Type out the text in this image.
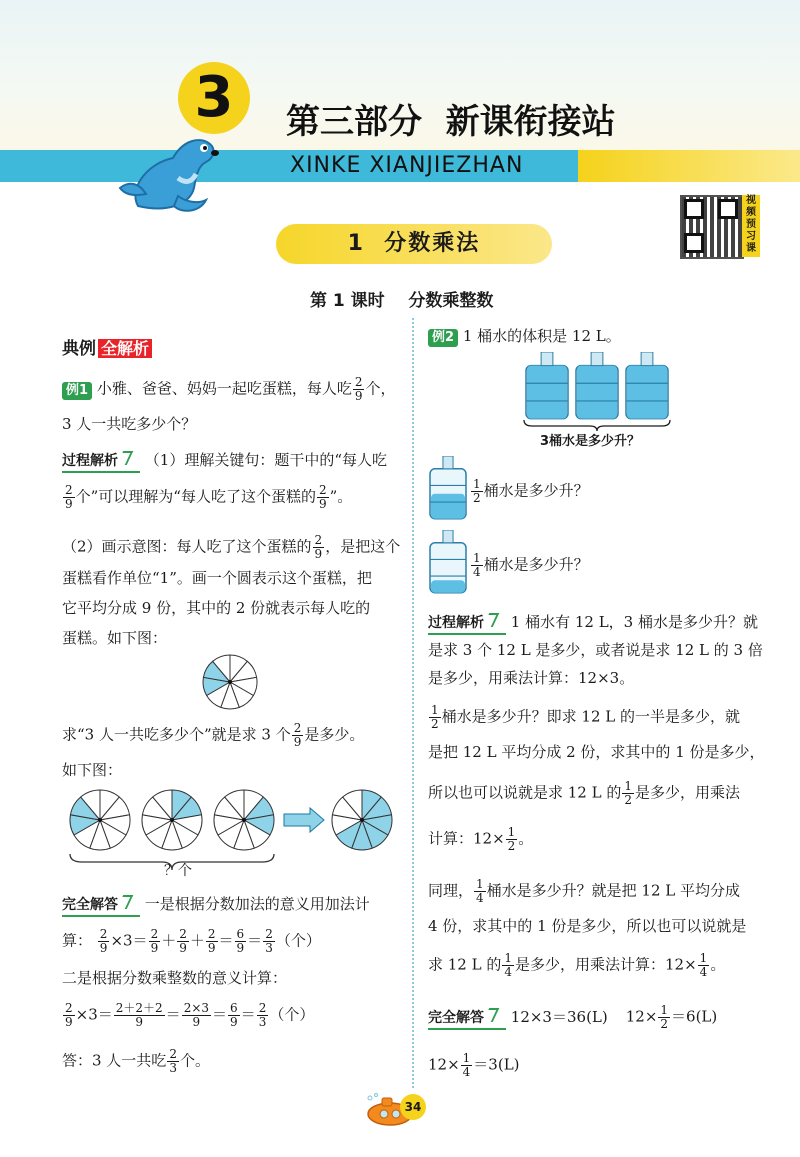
XINKE XIANJIEZHAN
3	第三部分  新课衔接站
视
频
预
习
课
1  分数乘法
第 1 课时    分数乘整数
典例 全解析
例1 小雅、爸爸、妈妈一起吃蛋糕，每人吃 $\frac{2}{9}$ 个，
3 人一共吃多少个？
过程解析 （1）理解关键句：题干中的“每人吃
$\frac{2}{9}$ 个”可以理解为“每人吃了这个蛋糕的 $\frac{2}{9}$ ”。
（2）画示意图：每人吃了这个蛋糕的 $\frac{2}{9}$ ，是把这个
蛋糕看作单位“1”。画一个圆表示这个蛋糕，把
它平均分成 9 份，其中的 2 份就表示每人吃的
蛋糕。如下图：
求“3 人一共吃多少个”就是求 3 个 $\frac{2}{9}$ 是多少。
如下图：
？个
完全解答 一是根据分数加法的意义用加法计
算： $\frac{2}{9} \times 3= \frac{2}{9} + \frac{2}{9} + \frac{2}{9} = \frac{6}{9} = \frac{2}{3}$ （个）
二是根据分数乘整数的意义计算：
$\frac{2}{9} \times 3= \frac{2+2+2}{9} = \frac{2\times 3}{9} = \frac{6}{9} = \frac{2}{3}$ （个）
答：3 人一共吃 $\frac{2}{3}$ 个。
例2 1 桶水的体积是 12 L。
3桶水是多少升？
$\frac{1}{2}$ 桶水是多少升？
$\frac{1}{4}$ 桶水是多少升？
过程解析 1 桶水有 12 L，3 桶水是多少升？就
是求 3 个 12 L 是多少，或者说是求 12 L 的 3 倍
是多少，用乘法计算：12×3。
$\frac{1}{2}$ 桶水是多少升？即求 12 L 的一半是多少，就
是把 12 L 平均分成 2 份，求其中的 1 份是多少，
所以也可以说就是求 12 L 的 $\frac{1}{2}$ 是多少，用乘法
计算：$12\times \frac{1}{2}$ 。
同理， $\frac{1}{4}$ 桶水是多少升？就是把 12 L 平均分成
4 份，求其中的 1 份是多少，所以也可以说就是
求 12 L 的 $\frac{1}{4}$ 是多少，用乘法计算：$12\times \frac{1}{4}$ 。
完全解答 12×3＝36(L) $12\times \frac{1}{2} =6(L)$
$12\times \frac{1}{4} =3(L)$
34
